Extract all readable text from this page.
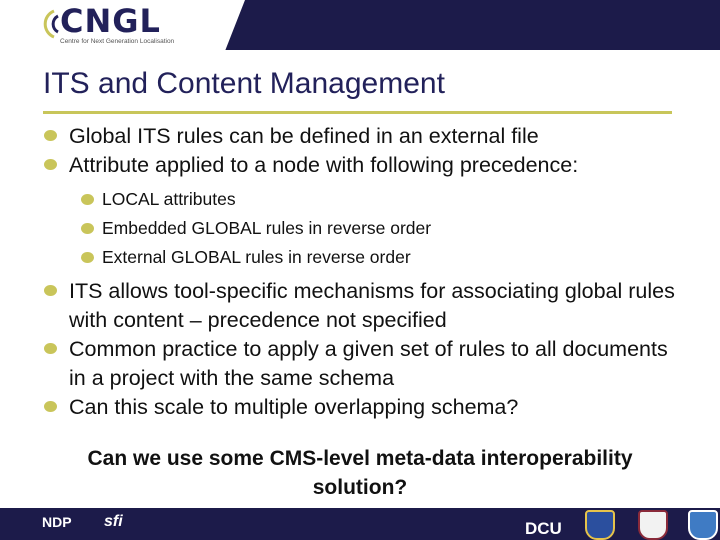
CNGL
Centre for Next Generation Localisation
ITS and Content Management
Global ITS rules can be defined in an external file
Attribute applied to a node with following precedence:
LOCAL attributes
Embedded GLOBAL rules in reverse order
External GLOBAL rules in reverse order
ITS allows tool-specific mechanisms for associating global rules with content – precedence not specified
Common practice to apply a given set of rules to all documents in a project with the same schema
Can this scale to multiple overlapping schema?
Can we use some CMS-level meta-data interoperability solution?
NDP sfi	DCU
